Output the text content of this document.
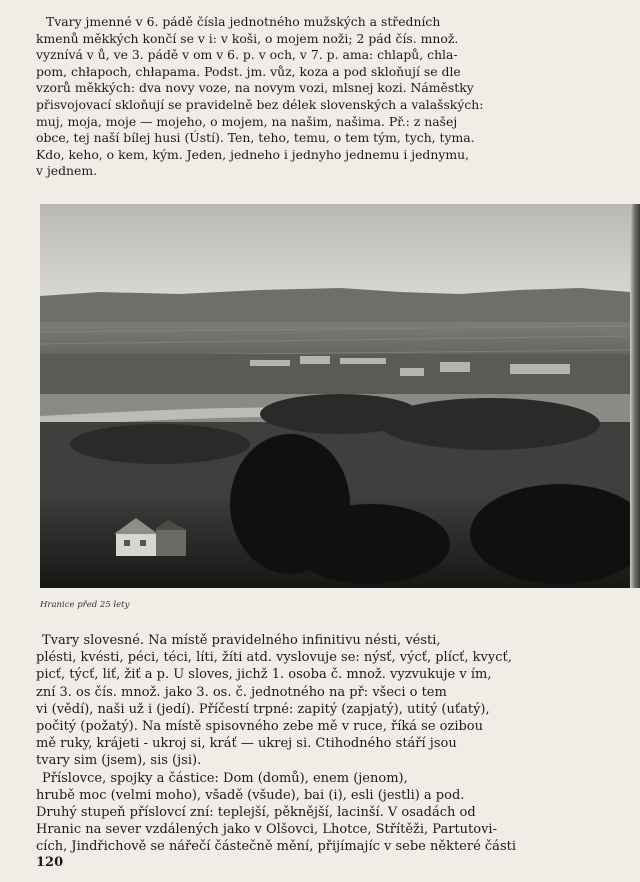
Tvary jmenné v 6. pádě čísla jednotného mužských a středních
kmenů měkkých končí se v i: v koši, o mojem noži; 2 pád čís. množ.
vyznívá v ů, ve 3. pádě v om v 6. p. v och, v 7. p. ama: chlapů, chla-
pom, chłapoch, chłapama. Podst. jm. vůz, koza a pod skloňují se dle
vzorů měkkých: dva novy voze, na novym vozi, mlsnej kozi. Náměstky
přisvojovací skloňují se pravidelně bez délek slovenských a valašských:
muj, moja, moje — mojeho, o mojem, na našim, našima. Př.: z našej
obce, tej naší bílej husi (Ústí). Ten, teho, temu, o tem tým, tych, tyma.
Kdo, keho, o kem, kým. Jeden, jedneho i jednyho jednemu i jednymu,
v jednem.

Hranice před 25 lety

Tvary slovesné. Na místě pravidelného infinitivu nésti, vésti,
plésti, kvésti, péci, téci, líti, žíti atd. vyslovuje se: nýsť, výcť, plícť, kvycť,
picť, týcť, liť, žiť a p. U sloves, jichž 1. osoba č. množ. vyzvukuje v ím,
zní 3. os čís. množ. jako 3. os. č. jednotného na př: všeci o tem
vi (vědí), naši už i (jedí). Příčestí trpné: zapitý (zapjatý), utitý (uťatý),
počitý (požatý). Na místě spisovného zebe mě v ruce, říká se ozibou
mě ruky, krájeti - ukroj si, kráť — ukrej si. Ctihodného stáří jsou
tvary sim (jsem), sis (jsi).
Příslovce, spojky a částice: Dom (domů), enem (jenom),
hrubě moc (velmi moho), všadě (všude), bai (i), esli (jestli) a pod.
Druhý stupeň příslovcí zní: teplejší, pěknější, lacinší. V osadách od
Hranic na sever vzdálených jako v Olšovci, Lhotce, Střítěži, Partutovi-
cích, Jindřichově se nářečí částečně mění, přijímajíc v sebe některé části

120
